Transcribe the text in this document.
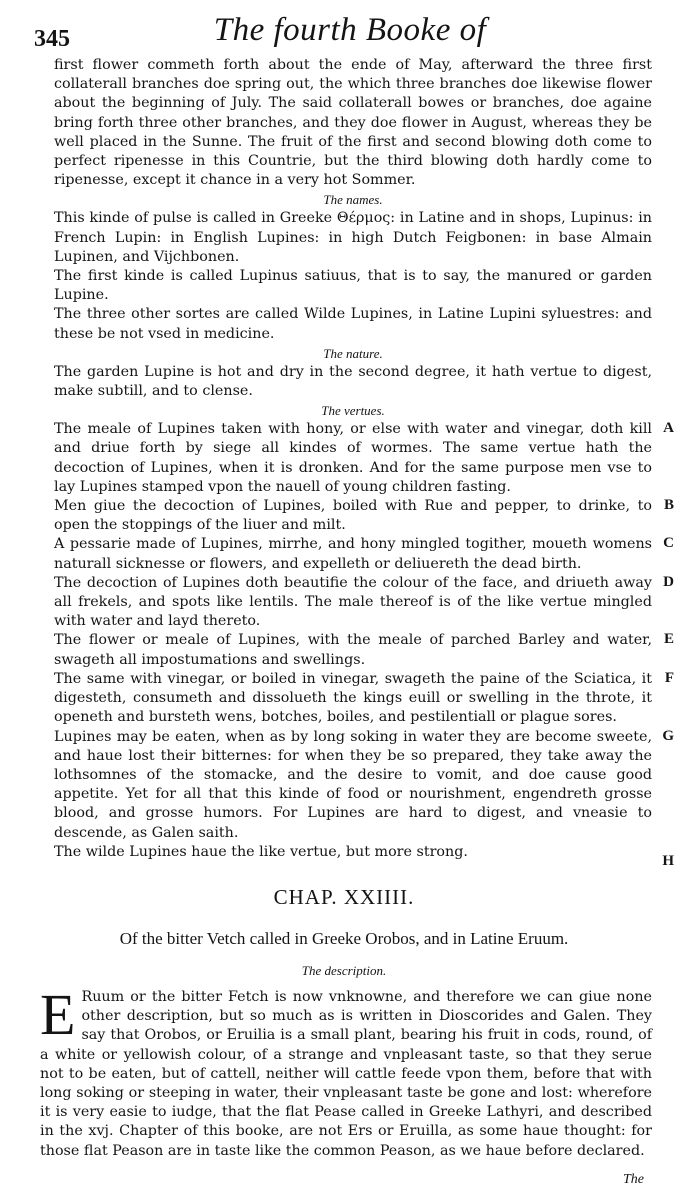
345	The fourth Booke of

first flower commeth forth about the ende of May, afterward the three first collaterall branches doe spring out, the which three branches doe likewise flower about the beginning of July. The said collaterall bowes or branches, doe againe bring forth three other branches, and they doe flower in August, whereas they be well placed in the Sunne. The fruit of the first and second blowing doth come to perfect ripenesse in this Countrie, but the third blowing doth hardly come to ripenesse, except it chance in a very hot Sommer.

The names.

This kinde of pulse is called in Greeke Θέρμος: in Latine and in shops, Lupinus: in French Lupin: in English Lupines: in high Dutch Feigbonen: in base Almain Lupinen, and Vijchbonen.

The first kinde is called Lupinus satiuus, that is to say, the manured or garden Lupine.

The three other sortes are called Wilde Lupines, in Latine Lupini syluestres: and these be not vsed in medicine.

The nature.

The garden Lupine is hot and dry in the second degree, it hath vertue to digest, make subtill, and to clense.

The vertues.

A

The meale of Lupines taken with hony, or else with water and vinegar, doth kill and driue forth by siege all kindes of wormes. The same vertue hath the decoction of Lupines, when it is dronken. And for the same purpose men vse to lay Lupines stamped vpon the nauell of young children fasting.

B

Men giue the decoction of Lupines, boiled with Rue and pepper, to drinke, to open the stoppings of the liuer and milt.

C

A pessarie made of Lupines, mirrhe, and hony mingled togither, moueth womens naturall sicknesse or flowers, and expelleth or deliuereth the dead birth.

D

The decoction of Lupines doth beautifie the colour of the face, and driueth away all frekels, and spots like lentils. The male thereof is of the like vertue mingled with water and layd thereto.

E

The flower or meale of Lupines, with the meale of parched Barley and water, swageth all impostumations and swellings.

F

The same with vinegar, or boiled in vinegar, swageth the paine of the Sciatica, it digesteth, consumeth and dissolueth the kings euill or swelling in the throte, it openeth and bursteth wens, botches, boiles, and pestilentiall or plague sores.

G

Lupines may be eaten, when as by long soking in water they are become sweete, and haue lost their bitternes: for when they be so prepared, they take away the lothsomnes of the stomacke, and the desire to vomit, and doe cause good appetite. Yet for all that this kinde of food or nourishment, engendreth grosse blood, and grosse humors. For Lupines are hard to digest, and vneasie to descende, as Galen saith.

H

The wilde Lupines haue the like vertue, but more strong.

CHAP. XXIIII.
Of the bitter Vetch called in Greeke Orobos, and in Latine Eruum.
The description.
E Ruum or the bitter Fetch is now vnknowne, and therefore we can giue none other description, but so much as is written in Dioscorides and Galen. They say that Orobos, or Eruilia is a small plant, bearing his fruit in cods, round, of a white or yellowish colour, of a strange and vnpleasant taste, so that they serue not to be eaten, but of cattell, neither will cattle feede vpon them, before that with long soking or steeping in water, their vnpleasant taste be gone and lost: wherefore it is very easie to iudge, that the flat Pease called in Greeke Lathyri, and described in the xvj. Chapter of this booke, are not Ers or Eruilla, as some haue thought: for those flat Peason are in taste like the common Peason, as we haue before declared.

The
